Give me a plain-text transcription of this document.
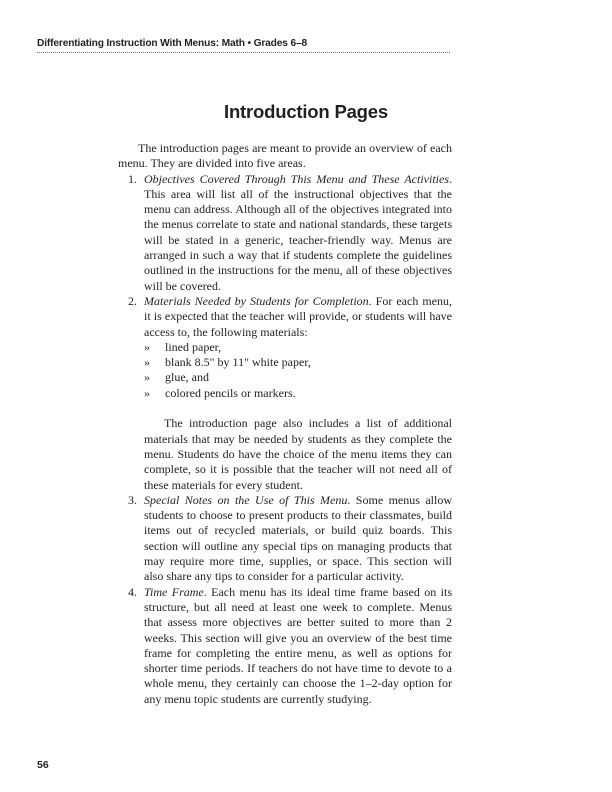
Differentiating Instruction With Menus: Math • Grades 6–8
Introduction Pages

The introduction pages are meant to provide an overview of each menu. They are divided into five areas.

1. Objectives Covered Through This Menu and These Activities. This area will list all of the instructional objectives that the menu can address. Although all of the objectives integrated into the menus correlate to state and national standards, these targets will be stated in a generic, teacher-friendly way. Menus are arranged in such a way that if students complete the guidelines outlined in the instructions for the menu, all of these objectives will be covered.
2. Materials Needed by Students for Completion. For each menu, it is expected that the teacher will provide, or students will have access to, the following materials:
» lined paper,
» blank 8.5" by 11" white paper,
» glue, and
» colored pencils or markers.

The introduction page also includes a list of additional materials that may be needed by students as they complete the menu. Students do have the choice of the menu items they can complete, so it is possible that the teacher will not need all of these materials for every student.

3. Special Notes on the Use of This Menu. Some menus allow students to choose to present products to their classmates, build items out of recycled materials, or build quiz boards. This section will outline any special tips on managing products that may require more time, supplies, or space. This section will also share any tips to consider for a particular activity.
4. Time Frame. Each menu has its ideal time frame based on its structure, but all need at least one week to complete. Menus that assess more objectives are better suited to more than 2 weeks. This section will give you an overview of the best time frame for completing the entire menu, as well as options for shorter time periods. If teachers do not have time to devote to a whole menu, they certainly can choose the 1–2-day option for any menu topic students are currently studying.
56
